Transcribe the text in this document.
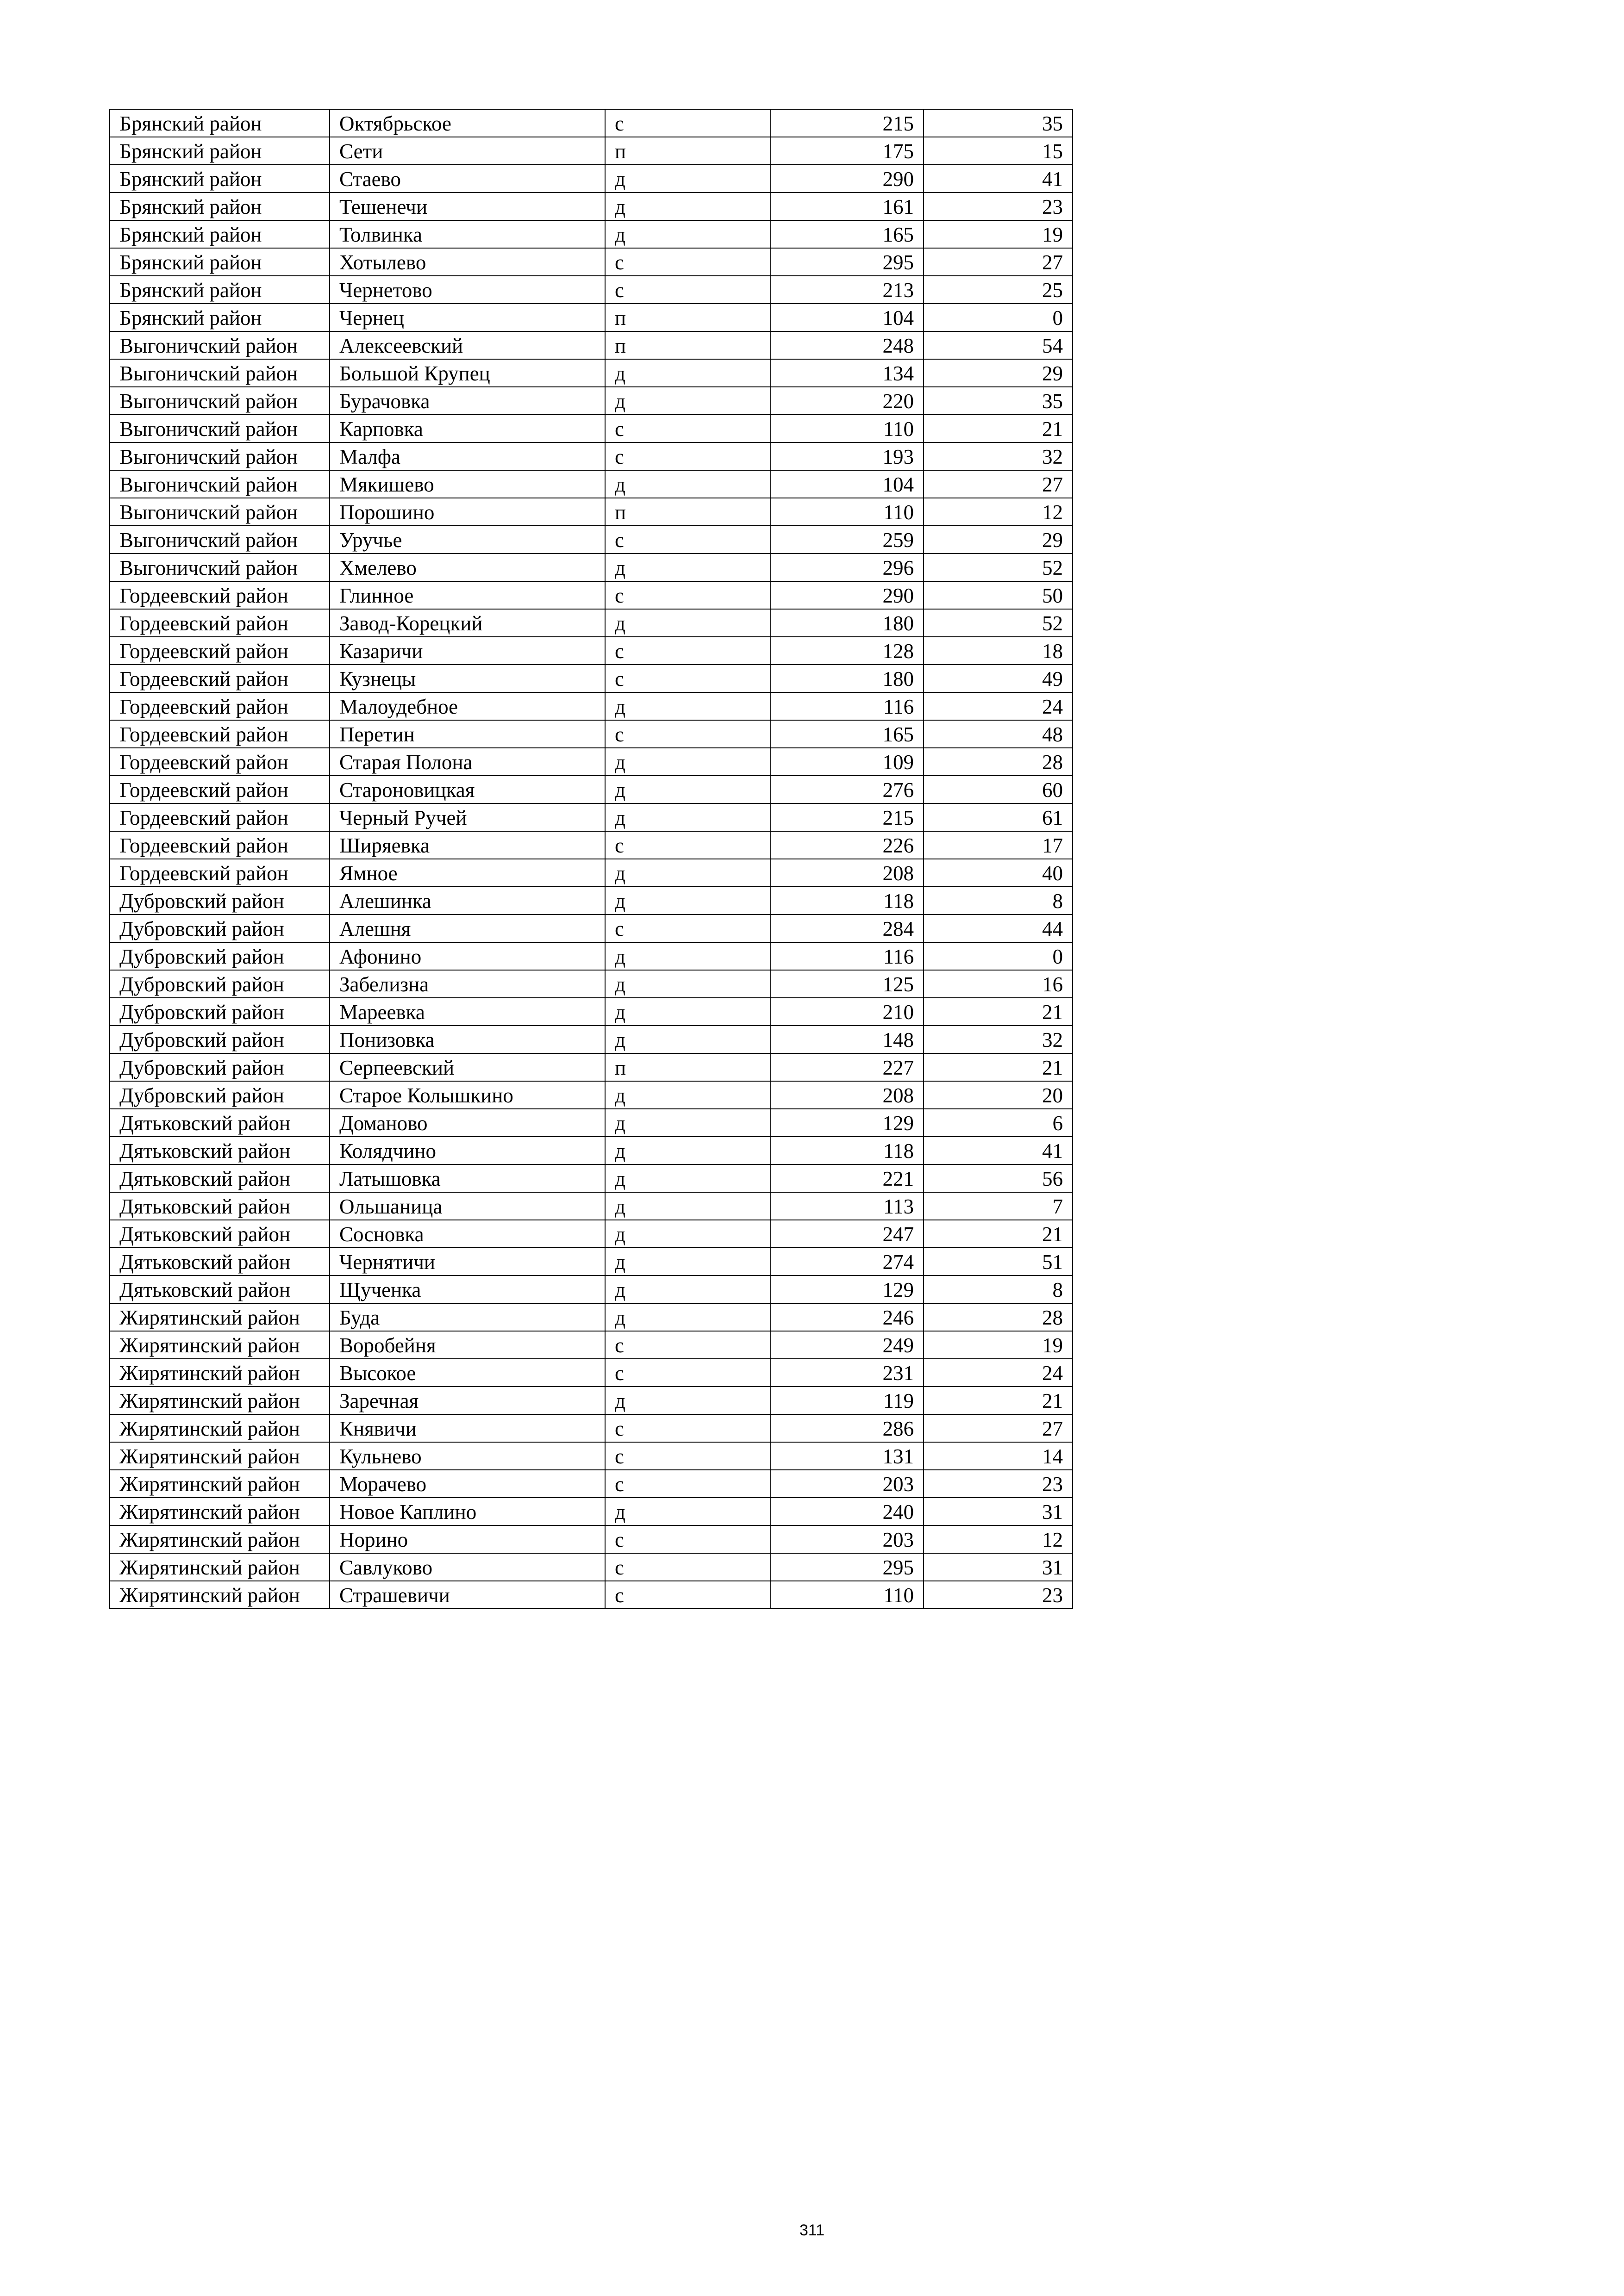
Брянский район	Октябрьское	с	215	35
Брянский район	Сети	п	175	15
Брянский район	Стаево	д	290	41
Брянский район	Тешенечи	д	161	23
Брянский район	Толвинка	д	165	19
Брянский район	Хотылево	с	295	27
Брянский район	Чернетово	с	213	25
Брянский район	Чернец	п	104	0
Выгоничский район	Алексеевский	п	248	54
Выгоничский район	Большой Крупец	д	134	29
Выгоничский район	Бурачовка	д	220	35
Выгоничский район	Карповка	с	110	21
Выгоничский район	Малфа	с	193	32
Выгоничский район	Мякишево	д	104	27
Выгоничский район	Порошино	п	110	12
Выгоничский район	Уручье	с	259	29
Выгоничский район	Хмелево	д	296	52
Гордеевский район	Глинное	с	290	50
Гордеевский район	Завод-Корецкий	д	180	52
Гордеевский район	Казаричи	с	128	18
Гордеевский район	Кузнецы	с	180	49
Гордеевский район	Малоудебное	д	116	24
Гордеевский район	Перетин	с	165	48
Гордеевский район	Старая Полона	д	109	28
Гордеевский район	Староновицкая	д	276	60
Гордеевский район	Черный Ручей	д	215	61
Гордеевский район	Ширяевка	с	226	17
Гордеевский район	Ямное	д	208	40
Дубровский район	Алешинка	д	118	8
Дубровский район	Алешня	с	284	44
Дубровский район	Афонино	д	116	0
Дубровский район	Забелизна	д	125	16
Дубровский район	Мареевка	д	210	21
Дубровский район	Понизовка	д	148	32
Дубровский район	Серпеевский	п	227	21
Дубровский район	Старое Колышкино	д	208	20
Дятьковский район	Доманово	д	129	6
Дятьковский район	Колядчино	д	118	41
Дятьковский район	Латышовка	д	221	56
Дятьковский район	Ольшаница	д	113	7
Дятьковский район	Сосновка	д	247	21
Дятьковский район	Чернятичи	д	274	51
Дятьковский район	Щученка	д	129	8
Жирятинский район	Буда	д	246	28
Жирятинский район	Воробейня	с	249	19
Жирятинский район	Высокое	с	231	24
Жирятинский район	Заречная	д	119	21
Жирятинский район	Княвичи	с	286	27
Жирятинский район	Кульнево	с	131	14
Жирятинский район	Морачево	с	203	23
Жирятинский район	Новое Каплино	д	240	31
Жирятинский район	Норино	с	203	12
Жирятинский район	Савлуково	с	295	31
Жирятинский район	Страшевичи	с	110	23
311
